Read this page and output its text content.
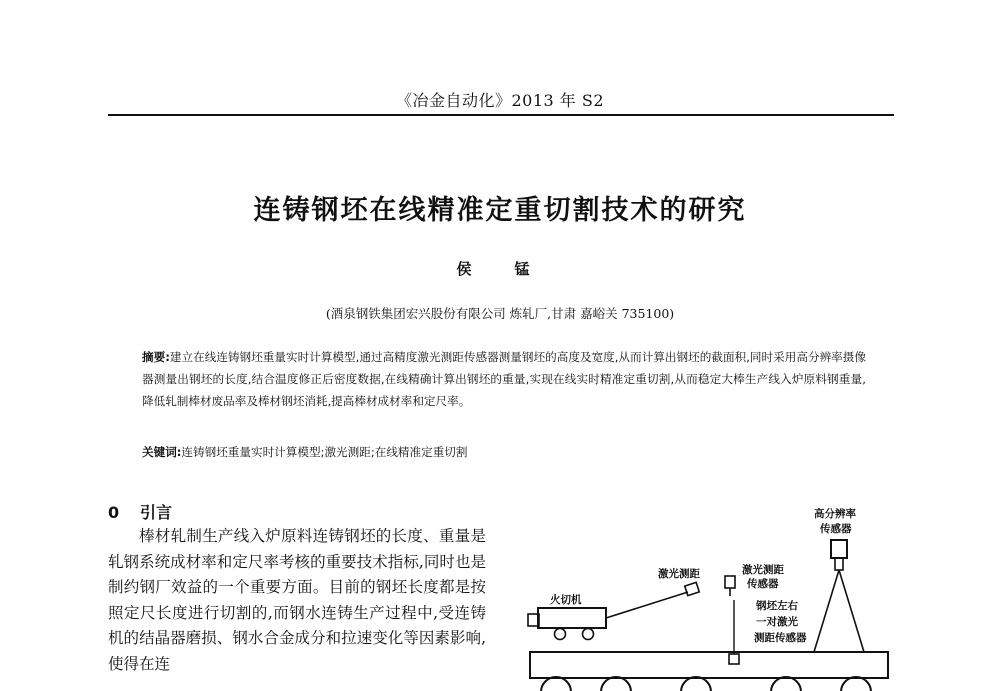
《冶金自动化》2013 年 S2
连铸钢坯在线精准定重切割技术的研究
侯　锰
(酒泉钢铁集团宏兴股份有限公司 炼轧厂,甘肃 嘉峪关 735100)
摘要:建立在线连铸钢坯重量实时计算模型,通过高精度激光测距传感器测量钢坯的高度及宽度,从而计算出钢坯的截面积,同时采用高分辨率摄像器测量出钢坯的长度,结合温度修正后密度数据,在线精确计算出钢坯的重量,实现在线实时精准定重切割,从而稳定大棒生产线入炉原料钢重量,降低轧制棒材废品率及棒材钢坯消耗,提高棒材成材率和定尺率。
关键词:连铸钢坯重量实时计算模型;激光测距;在线精准定重切割
0 引言
棒材轧制生产线入炉原料连铸钢坯的长度、重量是轧钢系统成材率和定尺率考核的重要技术指标,同时也是制约钢厂效益的一个重要方面。目前的钢坯长度都是按照定尺长度进行切割的,而钢水连铸生产过程中,受连铸机的结晶器磨损、钢水合金成分和拉速变化等因素影响,使得在连
火切机
激光测距	激光测距
传感器
钢坯左右
一对激光
测距传感器
高分辨率
传感器
